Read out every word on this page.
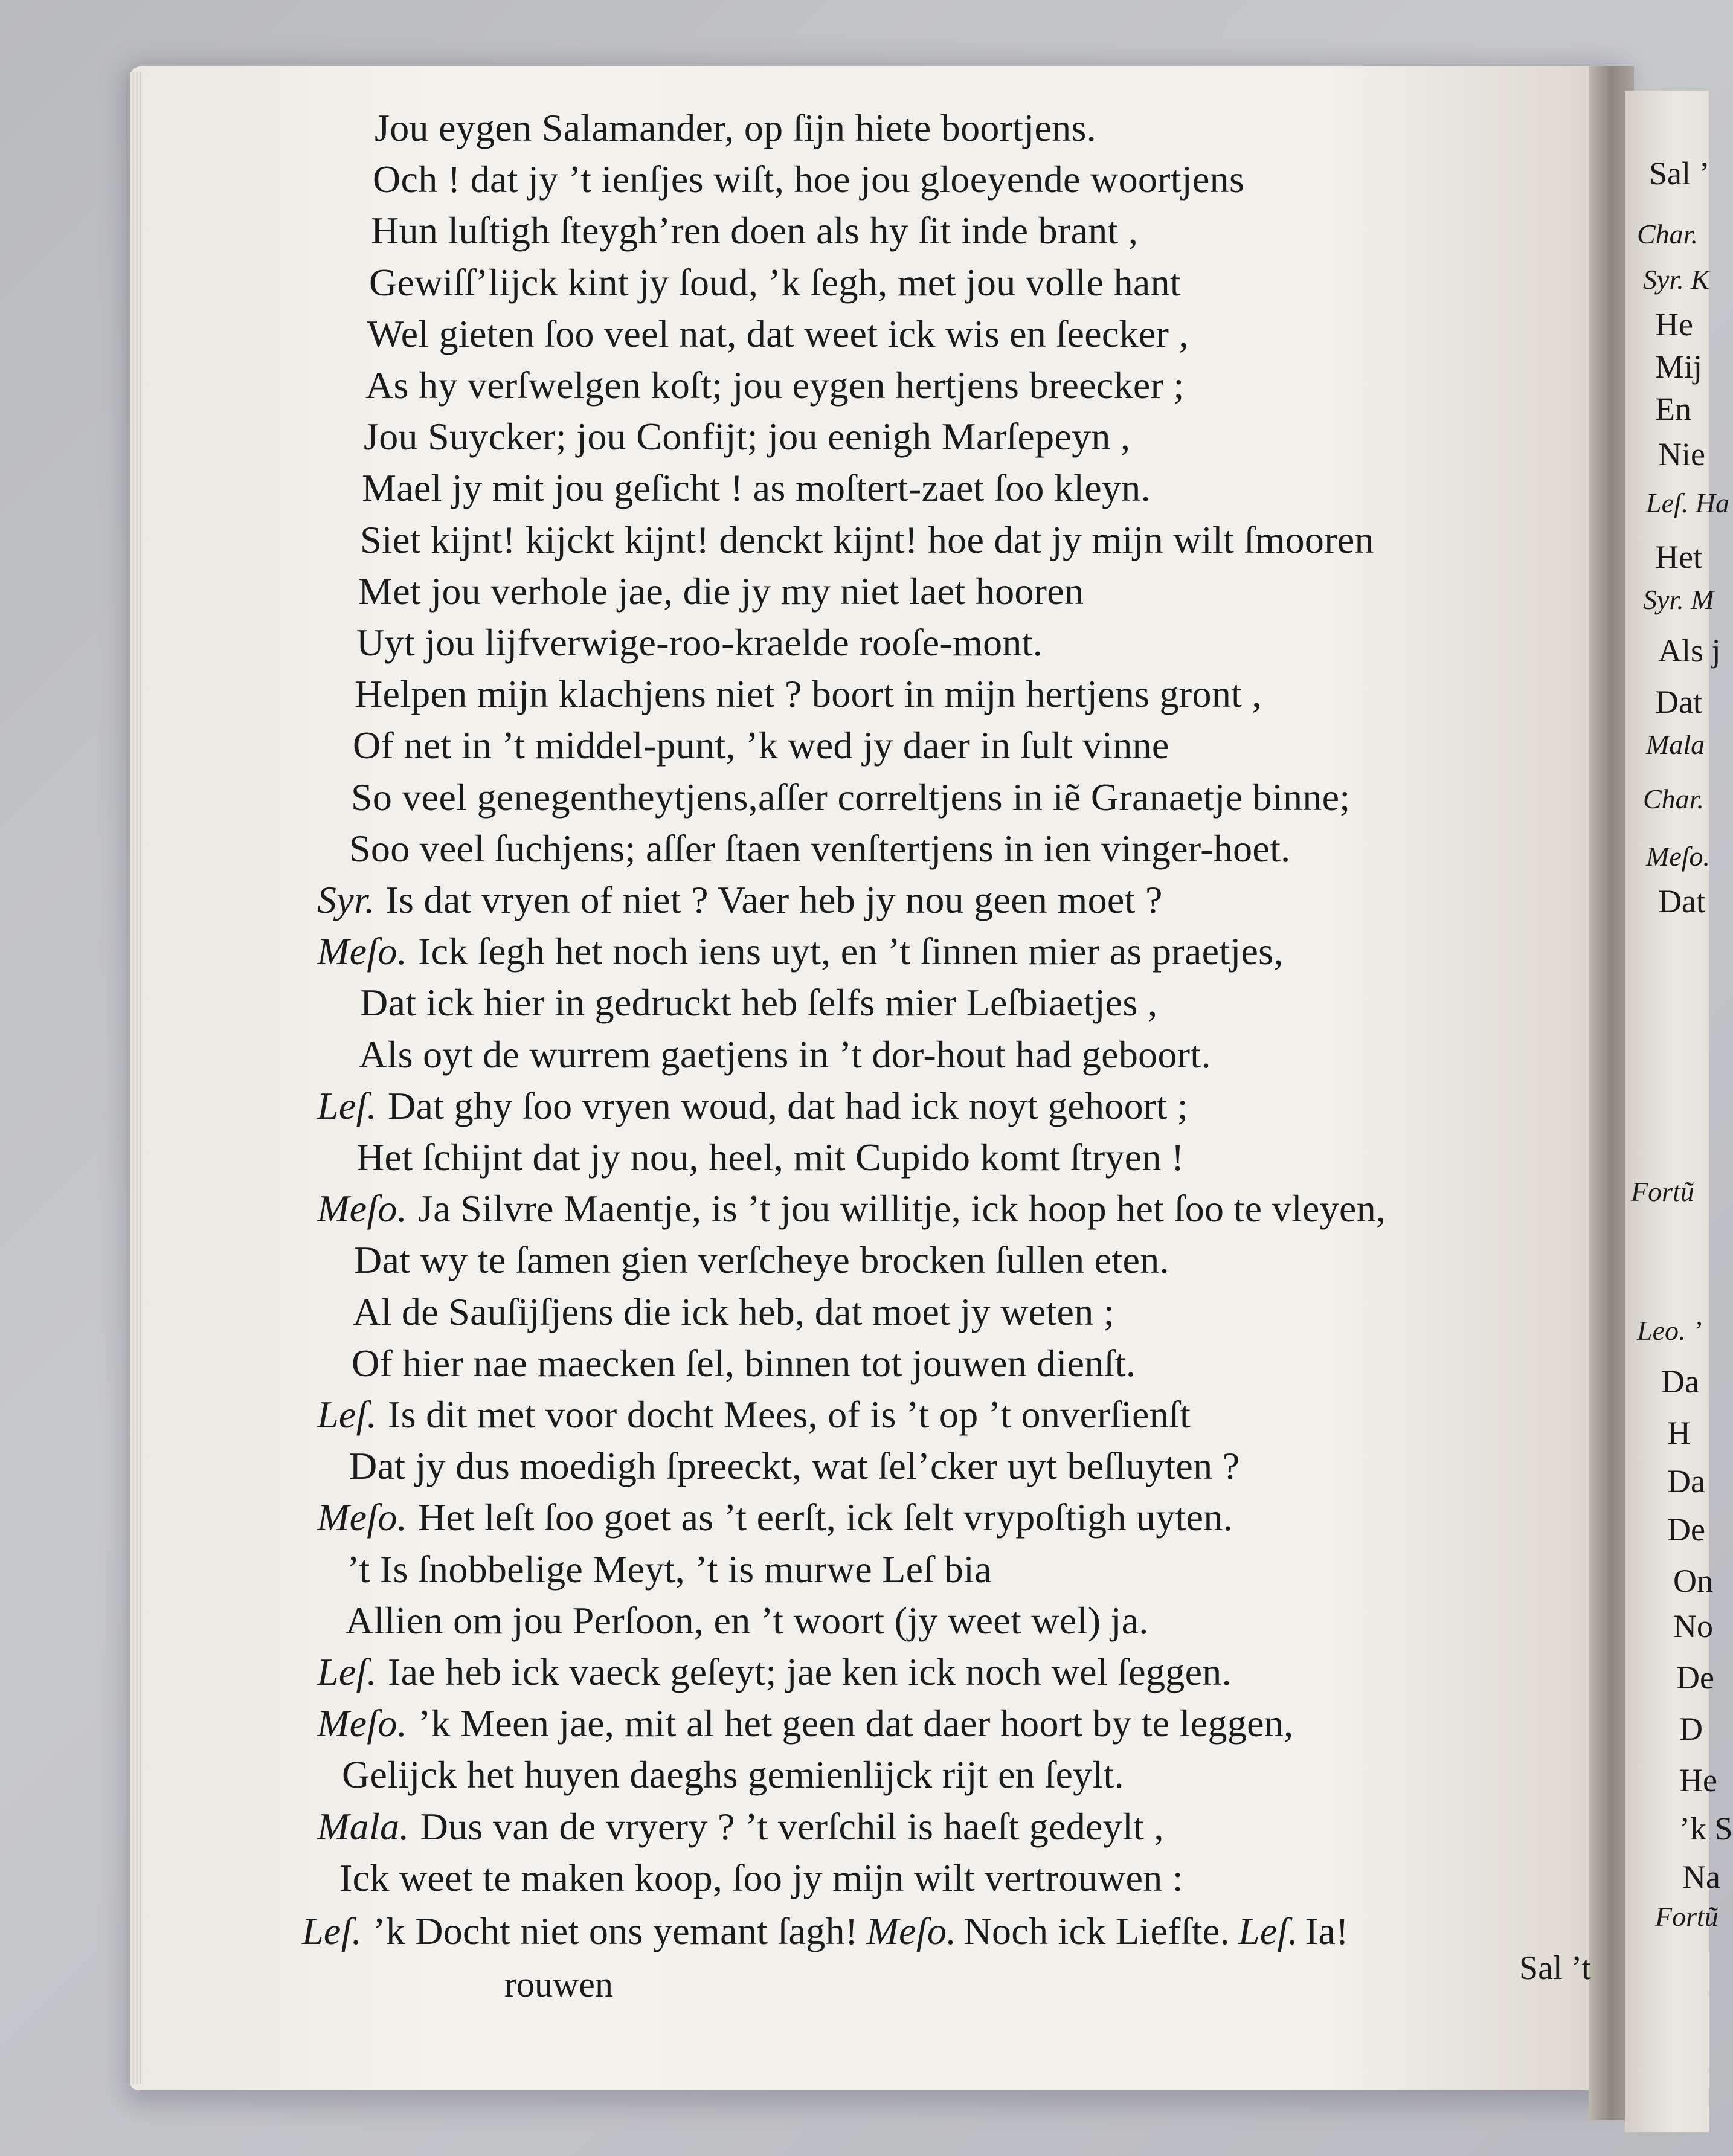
Sal ’
Char.
Syr. K
He
Mij
En
Nie
Leſ. Ha
Het
Syr. M
Als j
Dat
Mala
Char.
Meſo.
Dat
Fortũ
Leo. ’
Da
H
Da
De
On
No
De
D
He
’k S
Na
Fortũ
Jou eygen Salamander, op ſijn hiete boortjens.
Och ! dat jy ’t ienſjes wiſt, hoe jou gloeyende woortjens
Hun luſtigh ſteygh’ren doen als hy ſit inde brant ,
Gewiſſ’lijck kint jy ſoud, ’k ſegh, met jou volle hant
Wel gieten ſoo veel nat, dat weet ick wis en ſeecker ,
As hy verſwelgen koſt; jou eygen hertjens breecker ;
Jou Suycker; jou Confijt; jou eenigh Marſepeyn ,
Mael jy mit jou geſicht ! as moſtert-zaet ſoo kleyn.
Siet kijnt! kijckt kijnt! denckt kijnt! hoe dat jy mijn wilt ſmooren
Met jou verhole jae, die jy my niet laet hooren
Uyt jou lijfverwige-roo-kraelde rooſe-mont.
Helpen mijn klachjens niet ? boort in mijn hertjens gront ,
Of net in ’t middel-punt, ’k wed jy daer in ſult vinne
So veel genegentheytjens,aſſer correltjens in iẽ Granaetje binne;
Soo veel ſuchjens; aſſer ſtaen venſtertjens in ien vinger-hoet.
Syr. Is dat vryen of niet ? Vaer heb jy nou geen moet ?
Meſo. Ick ſegh het noch iens uyt, en ’t ſinnen mier as praetjes,
Dat ick hier in gedruckt heb ſelfs mier Leſbiaetjes ,
Als oyt de wurrem gaetjens in ’t dor-hout had geboort.
Leſ. Dat ghy ſoo vryen woud, dat had ick noyt gehoort ;
Het ſchijnt dat jy nou, heel, mit Cupido komt ſtryen !
Meſo. Ja Silvre Maentje, is ’t jou willitje, ick hoop het ſoo te vleyen,
Dat wy te ſamen gien verſcheye brocken ſullen eten.
Al de Sauſijſjens die ick heb, dat moet jy weten ;
Of hier nae maecken ſel, binnen tot jouwen dienſt.
Leſ. Is dit met voor docht Mees, of is ’t op ’t onverſienſt
Dat jy dus moedigh ſpreeckt, wat ſel’cker uyt beſluyten ?
Meſo. Het leſt ſoo goet as ’t eerſt, ick ſelt vrypoſtigh uyten.
’t Is ſnobbelige Meyt, ’t is murwe Leſ bia
Allien om jou Perſoon, en ’t woort (jy weet wel) ja.
Leſ. Iae heb ick vaeck geſeyt; jae ken ick noch wel ſeggen.
Meſo. ’k Meen jae, mit al het geen dat daer hoort by te leggen,
Gelijck het huyen daeghs gemienlijck rijt en ſeylt.
Mala. Dus van de vryery ? ’t verſchil is haeſt gedeylt ,
Ick weet te maken koop, ſoo jy mijn wilt vertrouwen :
Leſ. ’k Docht niet ons yemant ſagh! Meſo. Noch ick Liefſte. Leſ. Ia!
Sal ’t
rouwen
